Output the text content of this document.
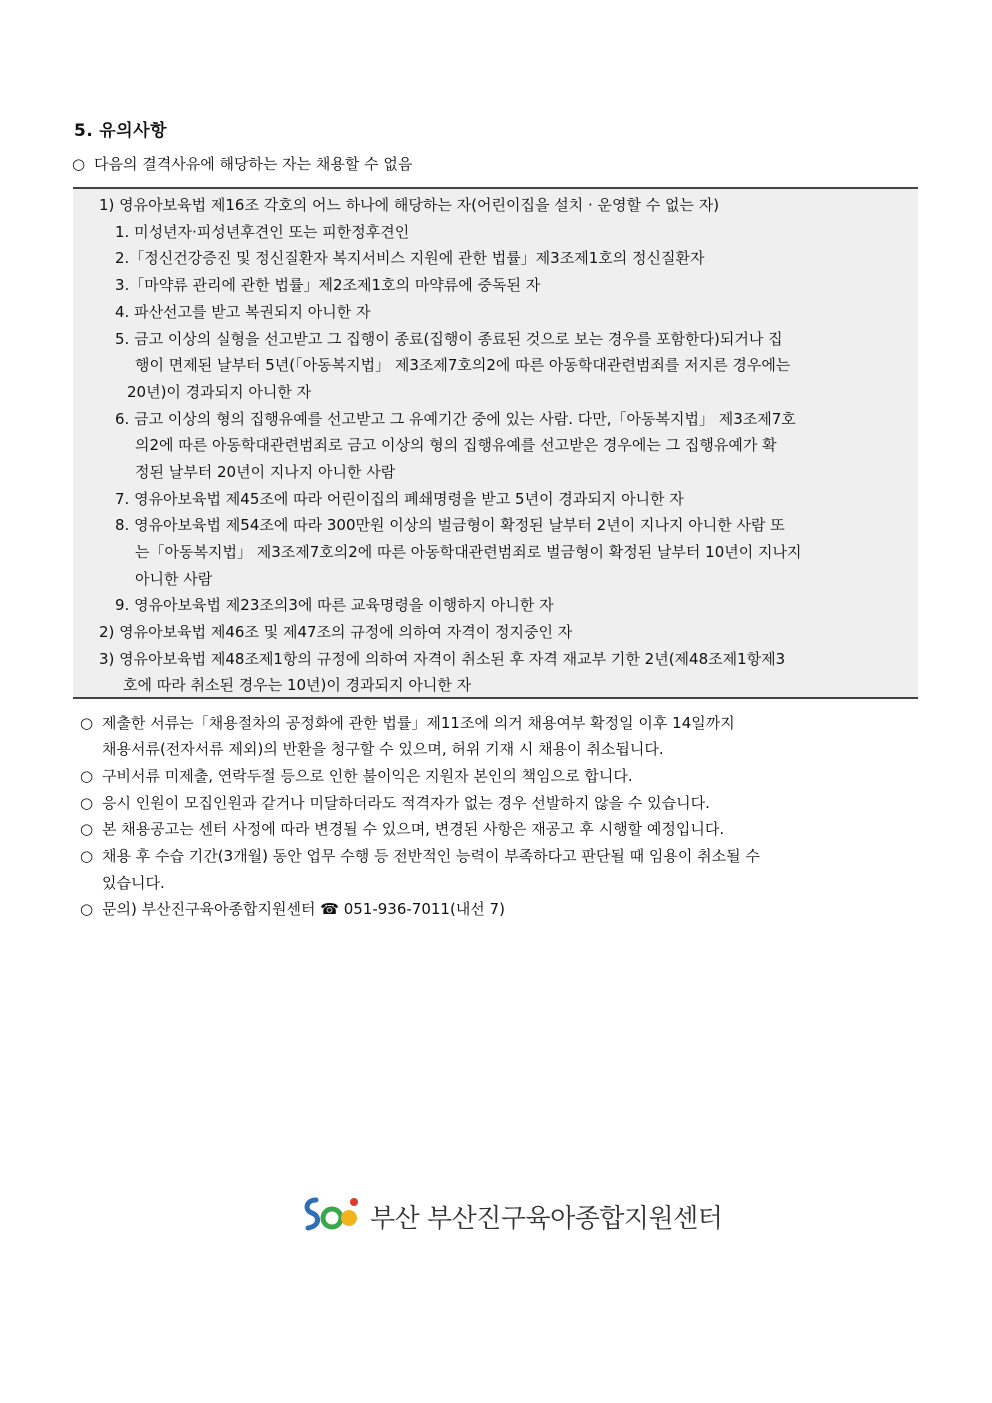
5. 유의사항
○ 다음의 결격사유에 해당하는 자는 채용할 수 없음
1) 영유아보육법 제16조 각호의 어느 하나에 해당하는 자(어린이집을 설치 · 운영할 수 없는 자)
1. 미성년자·피성년후견인 또는 피한정후견인
2.「정신건강증진 및 정신질환자 복지서비스 지원에 관한 법률」제3조제1호의 정신질환자
3.「마약류 관리에 관한 법률」제2조제1호의 마약류에 중독된 자
4. 파산선고를 받고 복권되지 아니한 자
5. 금고 이상의 실형을 선고받고 그 집행이 종료(집행이 종료된 것으로 보는 경우를 포함한다)되거나 집
행이 면제된 날부터 5년(「아동복지법」 제3조제7호의2에 따른 아동학대관련범죄를 저지른 경우에는
20년)이 경과되지 아니한 자
6. 금고 이상의 형의 집행유예를 선고받고 그 유예기간 중에 있는 사람. 다만,「아동복지법」 제3조제7호
의2에 따른 아동학대관련범죄로 금고 이상의 형의 집행유예를 선고받은 경우에는 그 집행유예가 확
정된 날부터 20년이 지나지 아니한 사람
7. 영유아보육법 제45조에 따라 어린이집의 폐쇄명령을 받고 5년이 경과되지 아니한 자
8. 영유아보육법 제54조에 따라 300만원 이상의 벌금형이 확정된 날부터 2년이 지나지 아니한 사람 또
는「아동복지법」 제3조제7호의2에 따른 아동학대관련범죄로 벌금형이 확정된 날부터 10년이 지나지
아니한 사람
9. 영유아보육법 제23조의3에 따른 교육명령을 이행하지 아니한 자
2) 영유아보육법 제46조 및 제47조의 규정에 의하여 자격이 정지중인 자
3) 영유아보육법 제48조제1항의 규정에 의하여 자격이 취소된 후 자격 재교부 기한 2년(제48조제1항제3
호에 따라 취소된 경우는 10년)이 경과되지 아니한 자
○ 제출한 서류는「채용절차의 공정화에 관한 법률」제11조에 의거 채용여부 확정일 이후 14일까지
채용서류(전자서류 제외)의 반환을 청구할 수 있으며, 허위 기재 시 채용이 취소됩니다.
○ 구비서류 미제출, 연락두절 등으로 인한 불이익은 지원자 본인의 책임으로 합니다.
○ 응시 인원이 모집인원과 같거나 미달하더라도 적격자가 없는 경우 선발하지 않을 수 있습니다.
○ 본 채용공고는 센터 사정에 따라 변경될 수 있으며, 변경된 사항은 재공고 후 시행할 예정입니다.
○ 채용 후 수습 기간(3개월) 동안 업무 수행 등 전반적인 능력이 부족하다고 판단될 때 임용이 취소될 수
있습니다.
○ 문의) 부산진구육아종합지원센터 ☎ 051-936-7011(내선 7)
부산 부산진구육아종합지원센터
